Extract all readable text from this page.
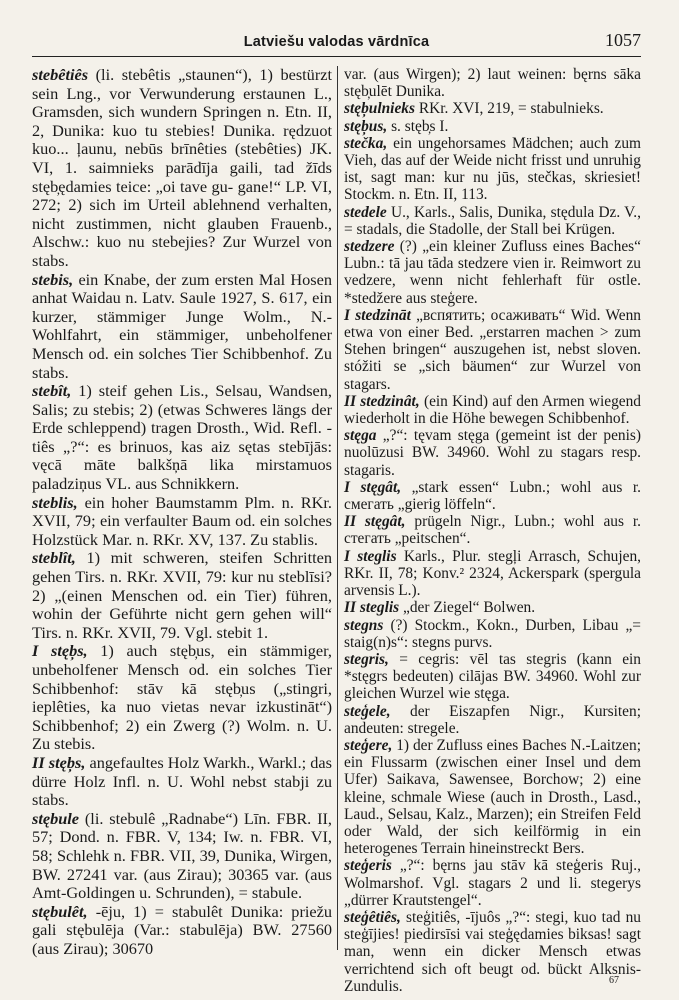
Latviešu valodas vārdnīca	1057

stebêtiês (li. stebêtis „staunen“), 1) bestürzt sein Lng., vor Verwunderung erstaunen L., Gramsden, sich wundern Springen n. Etn. II, 2, Dunika: kuo tu stebies! Dunika. rędzuot kuo... ļaunu, nebūs brīnêties (stebêties) JK. VI, 1. saimnieks parādīja gaili, tad žīds stęb̦ędamies teice: „oi tave gu- gane!“ LP. VI, 272; 2) sich im Urteil ablehnend verhalten, nicht zustimmen, nicht glauben Frauenb., Alschw.: kuo nu stebejies? Zur Wurzel von stabs.

stebis, ein Knabe, der zum ersten Mal Hosen anhat Waidau n. Latv. Saule 1927, S. 617, ein kurzer, stämmiger Junge Wolm., N.-Wohlfahrt, ein stämmiger, unbeholfener Mensch od. ein solches Tier Schibbenhof. Zu stabs.

stebît, 1) steif gehen Lis., Selsau, Wandsen, Salis; zu stebis; 2) (etwas Schweres längs der Erde schleppend) tragen Drosth., Wid. Refl. -tiês „?“: es brinuos, kas aiz sętas stebījās: vęcā māte balkšņā lika mirstamuos paladziņus VL. aus Schnikkern.

steblis, ein hoher Baumstamm Plm. n. RKr. XVII, 79; ein verfaulter Baum od. ein solches Holzstück Mar. n. RKr. XV, 137. Zu stablis.

steblît, 1) mit schweren, steifen Schritten gehen Tirs. n. RKr. XVII, 79: kur nu steblīsi? 2) „(einen Menschen od. ein Tier) führen, wohin der Geführte nicht gern gehen will“ Tirs. n. RKr. XVII, 79. Vgl. stebit 1.

I stęb̦s, 1) auch stęb̦us, ein stämmiger, unbeholfener Mensch od. ein solches Tier Schibbenhof: stāv kā stęb̦us („stingri, ieplêties, ka nuo vietas nevar izkustināt“) Schibbenhof; 2) ein Zwerg (?) Wolm. n. U. Zu stebis.

II stęb̦s, angefaultes Holz Warkh., Warkl.; das dürre Holz Infl. n. U. Wohl nebst stabji zu stabs.

stębule (li. stebulê „Radnabe“) Līn. FBR. II, 57; Dond. n. FBR. V, 134; Iw. n. FBR. VI, 58; Schlehk n. FBR. VII, 39, Dunika, Wirgen, BW. 27241 var. (aus Zirau); 30365 var. (aus Amt-Goldingen u. Schrunden), = stabule.

stębulêt, -ēju, 1) = stabulêt Dunika: priežu gali stębulēja (Var.: stabulēja) BW. 27560 (aus Zirau); 30670

var. (aus Wirgen); 2) laut weinen: bęrns sāka stęb̦ulēt Dunika.

stęb̦ulnieks RKr. XVI, 219, = stabulnieks.

stęb̦us, s. stęb̦s I.

stečka, ein ungehorsames Mädchen; auch zum Vieh, das auf der Weide nicht frisst und unruhig ist, sagt man: kur nu jūs, stečkas, skriesiet! Stockm. n. Etn. II, 113.

stedele U., Karls., Salis, Dunika, stędula Dz. V., = stadals, die Stadolle, der Stall bei Krügen.

stedzere (?) „ein kleiner Zufluss eines Baches“ Lubn.: tā jau tāda stedzere vien ir. Reimwort zu vedzere, wenn nicht fehlerhaft für ostle. *stedžere aus steģere.

I stedzināt „вспятить; осаживать“ Wid. Wenn etwa von einer Bed. „erstarren machen > zum Stehen bringen“ auszugehen ist, nebst sloven. stóžiti se „sich bäumen“ zur Wurzel von stagars.

II stedzinât, (ein Kind) auf den Armen wiegend wiederholt in die Höhe bewegen Schibbenhof.

stęga „?“: tęvam stęga (gemeint ist der penis) nuolūzusi BW. 34960. Wohl zu stagars resp. stagaris.

I stęgât, „stark essen“ Lubn.; wohl aus r. смегать „gierig löffeln“.

II stęgât, prügeln Nigr., Lubn.; wohl aus r. стегать „peitschen“.

I steglis Karls., Plur. stegļi Arrasch, Schujen, RKr. II, 78; Konv.² 2324, Ackerspark (spergula arvensis L.).

II steglis „der Ziegel“ Bolwen.

stegns (?) Stockm., Kokn., Durben, Libau „= staig(n)s“: stegns purvs.

stegris, = cegris: vēl tas stegris (kann ein *stęgrs bedeuten) cilājas BW. 34960. Wohl zur gleichen Wurzel wie stęga.

steģele, der Eiszapfen Nigr., Kursiten; andeuten: stregele.

steģere, 1) der Zufluss eines Baches N.-Laitzen; ein Flussarm (zwischen einer Insel und dem Ufer) Saikava, Sawensee, Borchow; 2) eine kleine, schmale Wiese (auch in Drosth., Lasd., Laud., Selsau, Kalz., Marzen); ein Streifen Feld oder Wald, der sich keilförmig in ein heterogenes Terrain hineinstreckt Bers.

steģeris „?“: bęrns jau stāv kā steģeris Ruj., Wolmarshof. Vgl. stagars 2 und li. stegerys „dürrer Krautstengel“.

steģêtiês, steģitiês, -ījuôs „?“: stegi, kuo tad nu steģījies! piedirsīsi vai steģędamies biksas! sagt man, wenn ein dicker Mensch etwas verrichtend sich oft beugt od. bückt Alksnis-Zundulis.	67
